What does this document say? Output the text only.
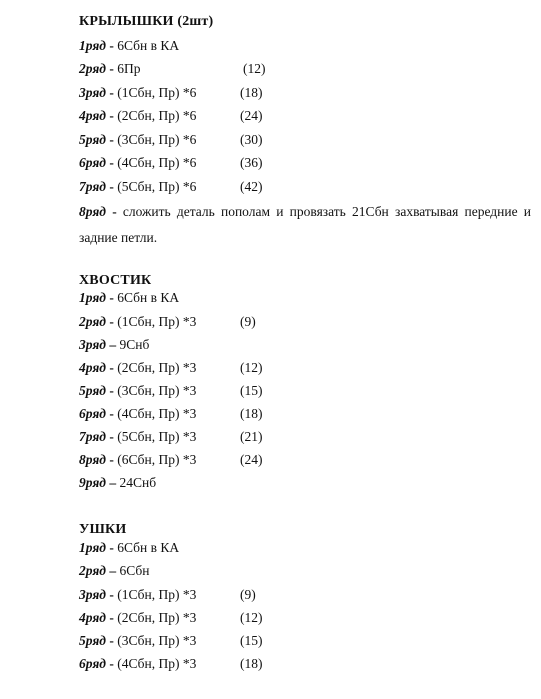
КРЫЛЫШКИ (2шт)
1ряд - 6Сбн в КА
2ряд - 6Пр	(12)
3ряд - (1Сбн, Пр) *6	(18)
4ряд - (2Сбн, Пр) *6	(24)
5ряд - (3Сбн, Пр) *6	(30)
6ряд - (4Сбн, Пр) *6	(36)
7ряд - (5Сбн, Пр) *6	(42)
8ряд - сложить деталь пополам и провязать 21Сбн захватывая передние и задние петли.
ХВОСТИК
1ряд - 6Сбн в КА
2ряд - (1Сбн, Пр) *3	(9)
3ряд – 9Снб
4ряд - (2Сбн, Пр) *3	(12)
5ряд - (3Сбн, Пр) *3	(15)
6ряд - (4Сбн, Пр) *3	(18)
7ряд - (5Сбн, Пр) *3	(21)
8ряд - (6Сбн, Пр) *3	(24)
9ряд – 24Снб
УШКИ
1ряд - 6Сбн в КА
2ряд – 6Сбн
3ряд - (1Сбн, Пр) *3	(9)
4ряд - (2Сбн, Пр) *3	(12)
5ряд - (3Сбн, Пр) *3	(15)
6ряд - (4Сбн, Пр) *3	(18)
